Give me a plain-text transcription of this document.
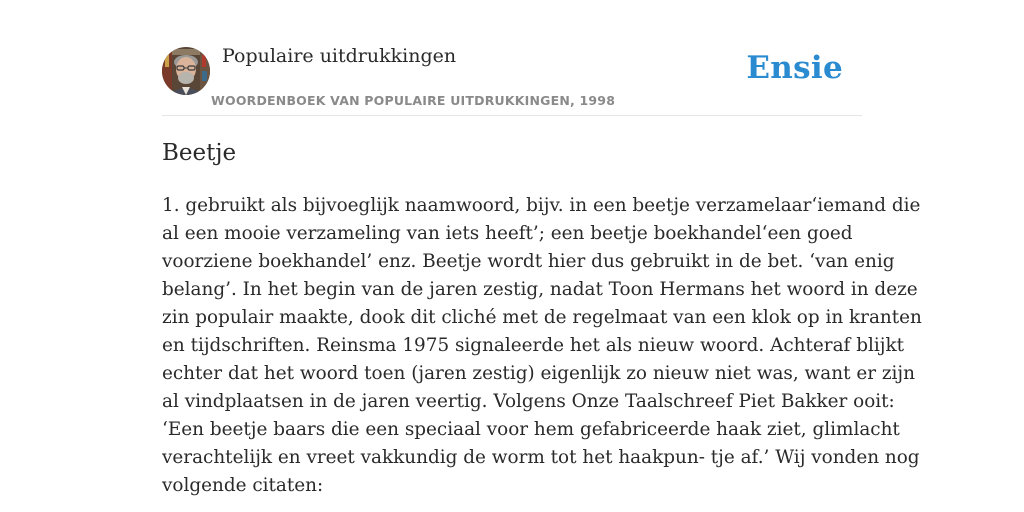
Populaire uitdrukkingen
WOORDENBOEK VAN POPULAIRE UITDRUKKINGEN, 1998
Ensie
Beetje
1. gebruikt als bijvoeglijk naamwoord, bijv. in een beetje verzamelaar‘iemand die
al een mooie verzameling van iets heeft’; een beetje boekhandel‘een goed
voorziene boekhandel’ enz. Beetje wordt hier dus gebruikt in de bet. ‘van enig
belang’. In het begin van de jaren zestig, nadat Toon Hermans het woord in deze
zin populair maakte, dook dit cliché met de regelmaat van een klok op in kranten
en tijdschriften. Reinsma 1975 signaleerde het als nieuw woord. Achteraf blijkt
echter dat het woord toen (jaren zestig) eigenlijk zo nieuw niet was, want er zijn
al vindplaatsen in de jaren veertig. Volgens Onze Taalschreef Piet Bakker ooit:
‘Een beetje baars die een speciaal voor hem gefabriceerde haak ziet, glimlacht
verachtelijk en vreet vakkundig de worm tot het haakpun- tje af.’ Wij vonden nog
volgende citaten:
